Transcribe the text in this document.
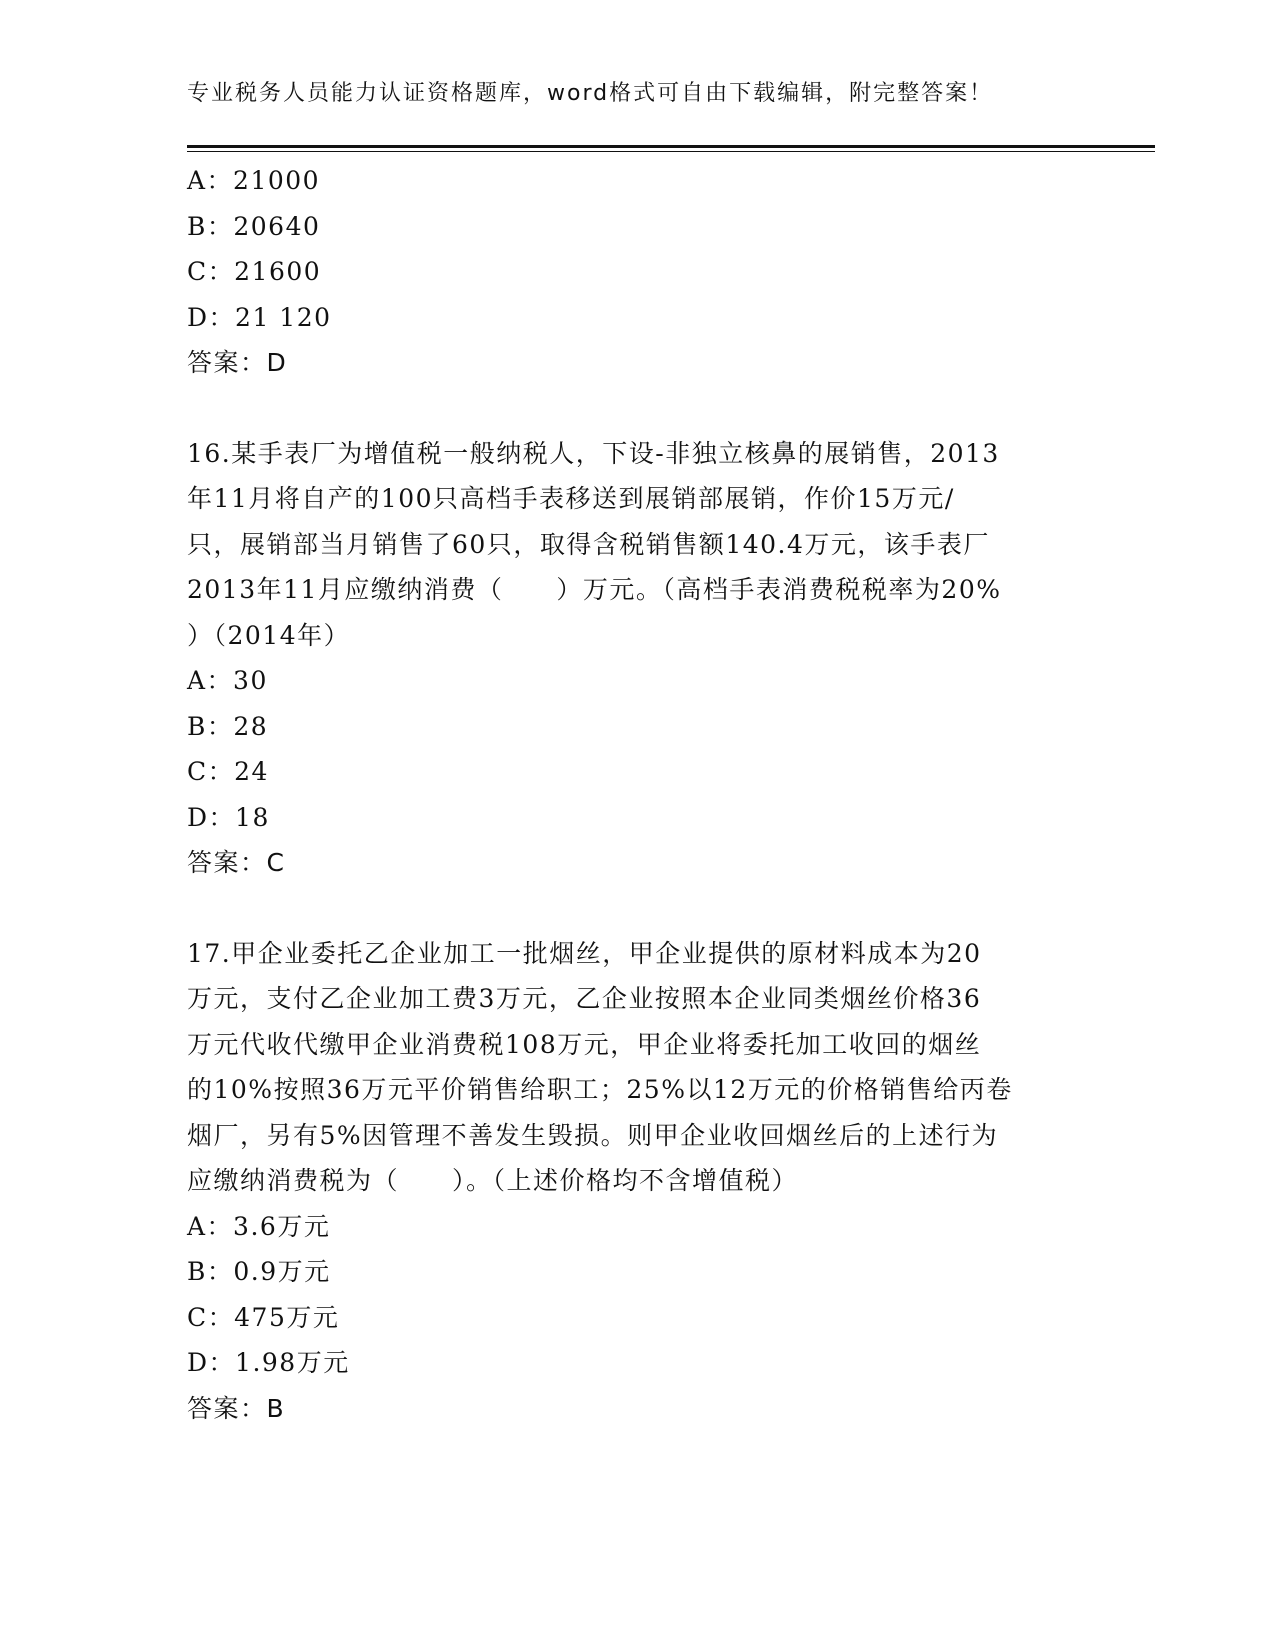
专业税务人员能力认证资格题库，word格式可自由下载编辑，附完整答案！
A：21000
B：20640
C：21600
D：21 120
答案：D
16.某手表厂为增值税一般纳税人，下设-非独立核鼻的展销售，2013
年11月将自产的100只高档手表移送到展销部展销，作价15万元/
只，展销部当月销售了60只，取得含税销售额140.4万元，该手表厂
2013年11月应缴纳消费（　　）万元。（高档手表消费税税率为20%
）（2014年）
A：30
B：28
C：24
D：18
答案：C
17.甲企业委托乙企业加工一批烟丝，甲企业提供的原材料成本为20
万元，支付乙企业加工费3万元，乙企业按照本企业同类烟丝价格36
万元代收代缴甲企业消费税108万元，甲企业将委托加工收回的烟丝
的10%按照36万元平价销售给职工；25%以12万元的价格销售给丙卷
烟厂，另有5%因管理不善发生毁损。则甲企业收回烟丝后的上述行为
应缴纳消费税为（　　）。（上述价格均不含增值税）
A：3.6万元
B：0.9万元
C：475万元
D：1.98万元
答案：B
